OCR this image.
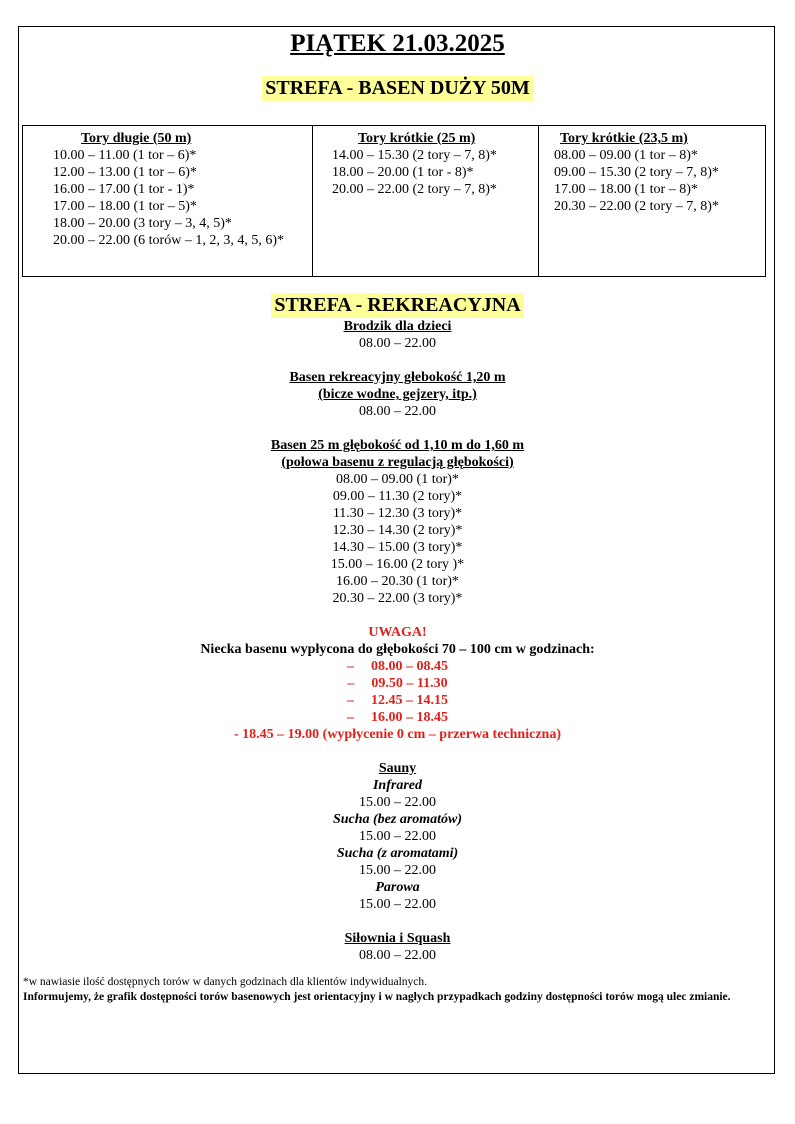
PIĄTEK 21.03.2025
STREFA - BASEN DUŻY 50M
Tory długie (50 m)
10.00 – 11.00 (1 tor – 6)*
12.00 – 13.00 (1 tor – 6)*
16.00 – 17.00 (1 tor - 1)*
17.00 – 18.00 (1 tor – 5)*
18.00 – 20.00 (3 tory – 3, 4, 5)*
20.00 – 22.00 (6 torów – 1, 2, 3, 4, 5, 6)*
Tory krótkie (25 m)
14.00 – 15.30 (2 tory – 7, 8)*
18.00 – 20.00 (1 tor - 8)*
20.00 – 22.00 (2 tory – 7, 8)*
Tory krótkie (23,5 m)
08.00 – 09.00 (1 tor – 8)*
09.00 – 15.30 (2 tory – 7, 8)*
17.00 – 18.00 (1 tor – 8)*
20.30 – 22.00 (2 tory – 7, 8)*
STREFA - REKREACYJNA
Brodzik dla dzieci
08.00 – 22.00
Basen rekreacyjny głebokość 1,20 m
(bicze wodne, gejzery, itp.)
08.00 – 22.00
Basen 25 m głębokość od 1,10 m do 1,60 m
(połowa basenu z regulacją głębokości)
08.00 – 09.00 (1 tor)*
09.00 – 11.30 (2 tory)*
11.30 – 12.30 (3 tory)*
12.30 – 14.30 (2 tory)*
14.30 – 15.00 (3 tory)*
15.00 – 16.00 (2 tory )*
16.00 – 20.30 (1 tor)*
20.30 – 22.00 (3 tory)*
UWAGA!
Niecka basenu wypłycona do głębokości 70 – 100 cm w godzinach:
– 08.00 – 08.45
– 09.50 – 11.30
– 12.45 – 14.15
– 16.00 – 18.45
- 18.45 – 19.00 (wypłycenie 0 cm – przerwa techniczna)
Sauny
Infrared
15.00 – 22.00
Sucha (bez aromatów)
15.00 – 22.00
Sucha (z aromatami)
15.00 – 22.00
Parowa
15.00 – 22.00
Siłownia i Squash
08.00 – 22.00
*w nawiasie ilość dostępnych torów w danych godzinach dla klientów indywidualnych.
Informujemy, że grafik dostępności torów basenowych jest orientacyjny i w nagłych przypadkach godziny dostępności torów mogą ulec zmianie.
